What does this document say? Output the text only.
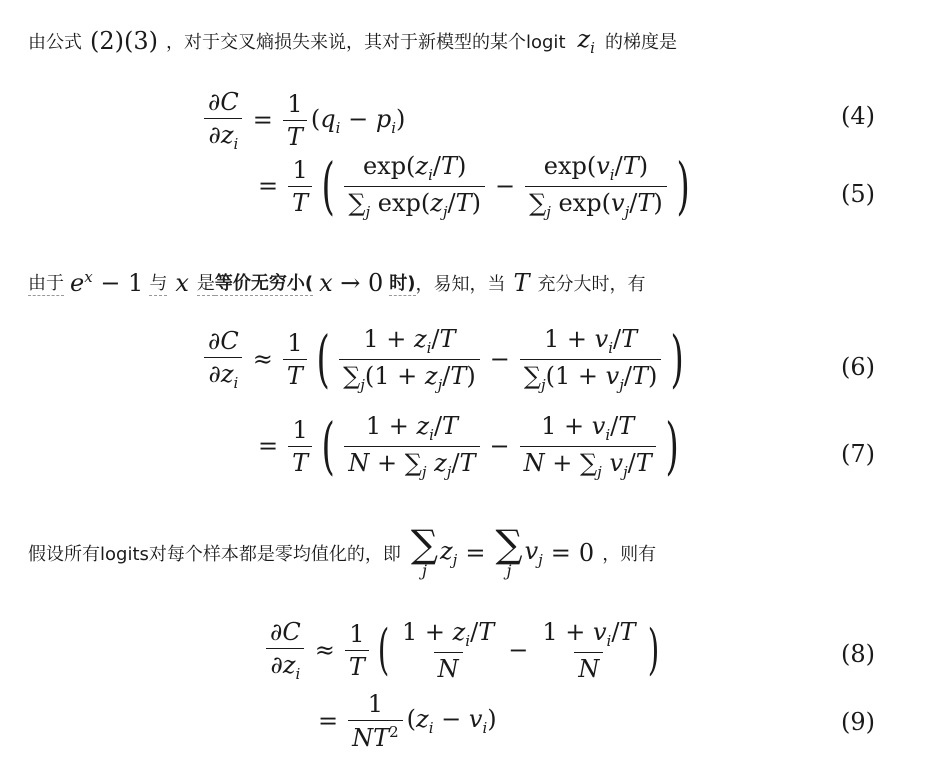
由公式 (2)(3) ，对于交叉熵损失来说，其对于新模型的某个logit $z_i$ 的梯度是
$\frac{\partial C}{\partial z_i} = \frac{1}{T} (q_i - p_i)$	(4)
= $\frac{1}{T}$ ( $\frac{\exp(z_i/T)}{\sum_j \exp(z_j/T)} - \frac{\exp(v_i/T)}{\sum_j \exp(v_j/T)}$ )	(5)
由于 $e^x - 1$ 与 x 是 等价无穷小( x → 0 时) ，易知，当 T 充分大时，有
$\frac{\partial C}{\partial z_i} \approx \frac{1}{T}$ ( $\frac{1 + z_i/T}{\sum_j(1 + z_j/T)} - \frac{1 + v_i/T}{\sum_j(1 + v_j/T)}$ )	(6)
= $\frac{1}{T}$ ( $\frac{1 + z_i/T}{N + \sum_j z_j/T} - \frac{1 + v_i/T}{N + \sum_j v_j/T}$ )	(7)
假设所有logits对每个样本都是零均值化的，即 ∑
j
$z_j$ = ∑
j
$v_j = 0$ ，则有
$\frac{\partial C}{\partial z_i} \approx \frac{1}{T}$ ( $\frac{1 + z_i/T}{N} - \frac{1 + v_i/T}{N}$ )	(8)
= $\frac{1}{NT^2} (z_i - v_i)$	(9)
